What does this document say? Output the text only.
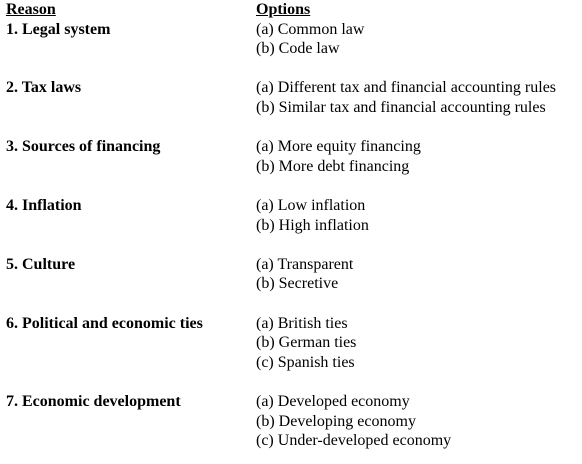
Reason	Options
1. Legal system	(a) Common law
(b) Code law
2. Tax laws	(a) Different tax and financial accounting rules
(b) Similar tax and financial accounting rules
3. Sources of financing	(a) More equity financing
(b) More debt financing
4. Inflation	(a) Low inflation
(b) High inflation
5. Culture	(a) Transparent
(b) Secretive
6. Political and economic ties	(a) British ties
(b) German ties
(c) Spanish ties
7. Economic development	(a) Developed economy
(b) Developing economy
(c) Under-developed economy
